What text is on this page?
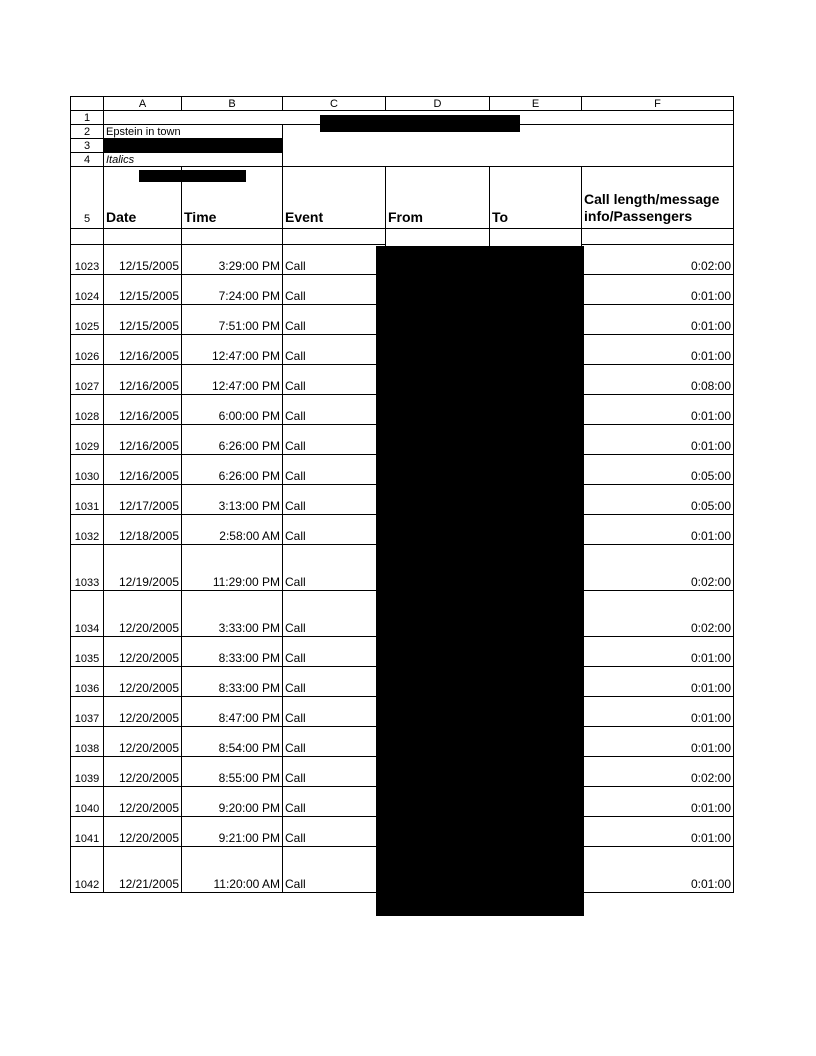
	A	B	C	D	E	F
1						
2	Epstein in town					
3						
4	Italics					
5	Date	Time	Event	From	To	Call length/message info/Passengers

1023	12/15/2005	3:29:00 PM	Call			0:02:00
1024	12/15/2005	7:24:00 PM	Call			0:01:00
1025	12/15/2005	7:51:00 PM	Call			0:01:00
1026	12/16/2005	12:47:00 PM	Call			0:01:00
1027	12/16/2005	12:47:00 PM	Call			0:08:00
1028	12/16/2005	6:00:00 PM	Call			0:01:00
1029	12/16/2005	6:26:00 PM	Call			0:01:00
1030	12/16/2005	6:26:00 PM	Call			0:05:00
1031	12/17/2005	3:13:00 PM	Call			0:05:00
1032	12/18/2005	2:58:00 AM	Call			0:01:00
1033	12/19/2005	11:29:00 PM	Call			0:02:00
1034	12/20/2005	3:33:00 PM	Call			0:02:00
1035	12/20/2005	8:33:00 PM	Call			0:01:00
1036	12/20/2005	8:33:00 PM	Call			0:01:00
1037	12/20/2005	8:47:00 PM	Call			0:01:00
1038	12/20/2005	8:54:00 PM	Call			0:01:00
1039	12/20/2005	8:55:00 PM	Call			0:02:00
1040	12/20/2005	9:20:00 PM	Call			0:01:00
1041	12/20/2005	9:21:00 PM	Call			0:01:00
1042	12/21/2005	11:20:00 AM	Call			0:01:00
